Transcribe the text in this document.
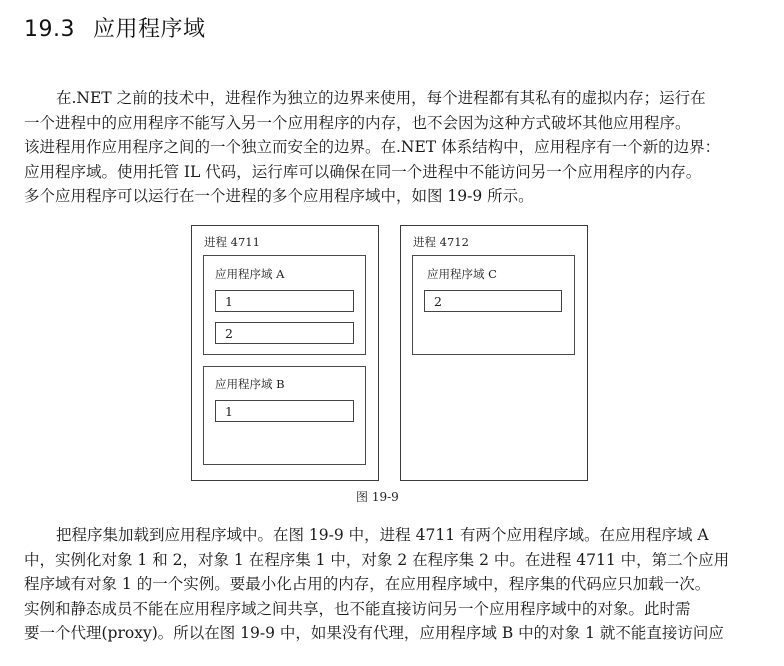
19.3 应用程序域
在.NET 之前的技术中，进程作为独立的边界来使用，每个进程都有其私有的虚拟内存；运行在
一个进程中的应用程序不能写入另一个应用程序的内存，也不会因为这种方式破坏其他应用程序。
该进程用作应用程序之间的一个独立而安全的边界。在.NET 体系结构中，应用程序有一个新的边界：
应用程序域。使用托管 IL 代码，运行库可以确保在同一个进程中不能访问另一个应用程序的内存。
多个应用程序可以运行在一个进程的多个应用程序域中，如图 19-9 所示。
进程 4711
应用程序域 A
1
2
应用程序域 B
1
进程 4712
应用程序域 C
2
图 19-9
把程序集加载到应用程序域中。在图 19-9 中，进程 4711 有两个应用程序域。在应用程序域 A
中，实例化对象 1 和 2，对象 1 在程序集 1 中，对象 2 在程序集 2 中。在进程 4711 中，第二个应用
程序域有对象 1 的一个实例。要最小化占用的内存，在应用程序域中，程序集的代码应只加载一次。
实例和静态成员不能在应用程序域之间共享，也不能直接访问另一个应用程序域中的对象。此时需
要一个代理(proxy)。所以在图 19-9 中，如果没有代理，应用程序域 B 中的对象 1 就不能直接访问应
